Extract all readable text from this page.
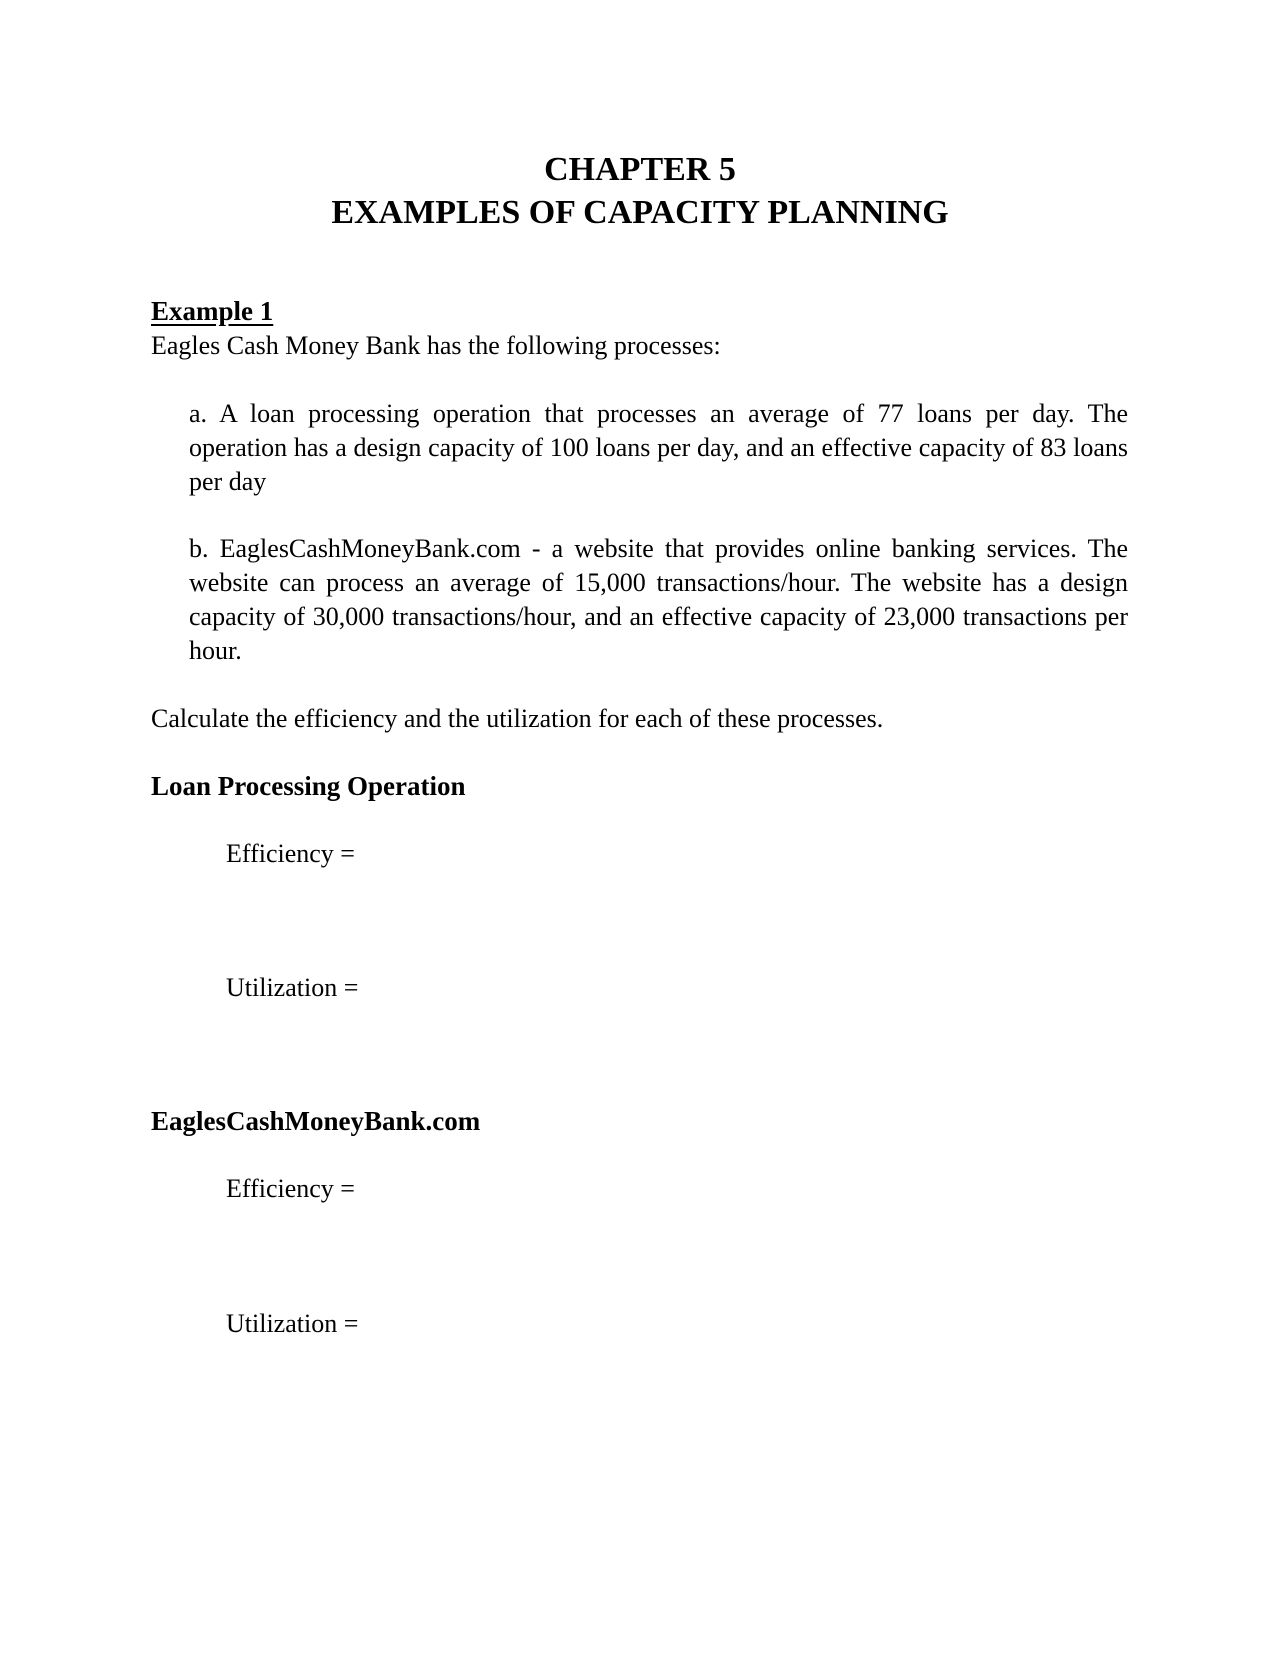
CHAPTER 5
EXAMPLES OF CAPACITY PLANNING
Example 1
Eagles Cash Money Bank has the following processes:
a. A loan processing operation that processes an average of 77 loans per day. The operation has a design capacity of 100 loans per day, and an effective capacity of 83 loans per day
b. EaglesCashMoneyBank.com - a website that provides online banking services. The website can process an average of 15,000 transactions/hour. The website has a design capacity of 30,000 transactions/hour, and an effective capacity of 23,000 transactions per hour.
Calculate the efficiency and the utilization for each of these processes.
Loan Processing Operation
Efficiency =
Utilization =
EaglesCashMoneyBank.com
Efficiency =
Utilization =
